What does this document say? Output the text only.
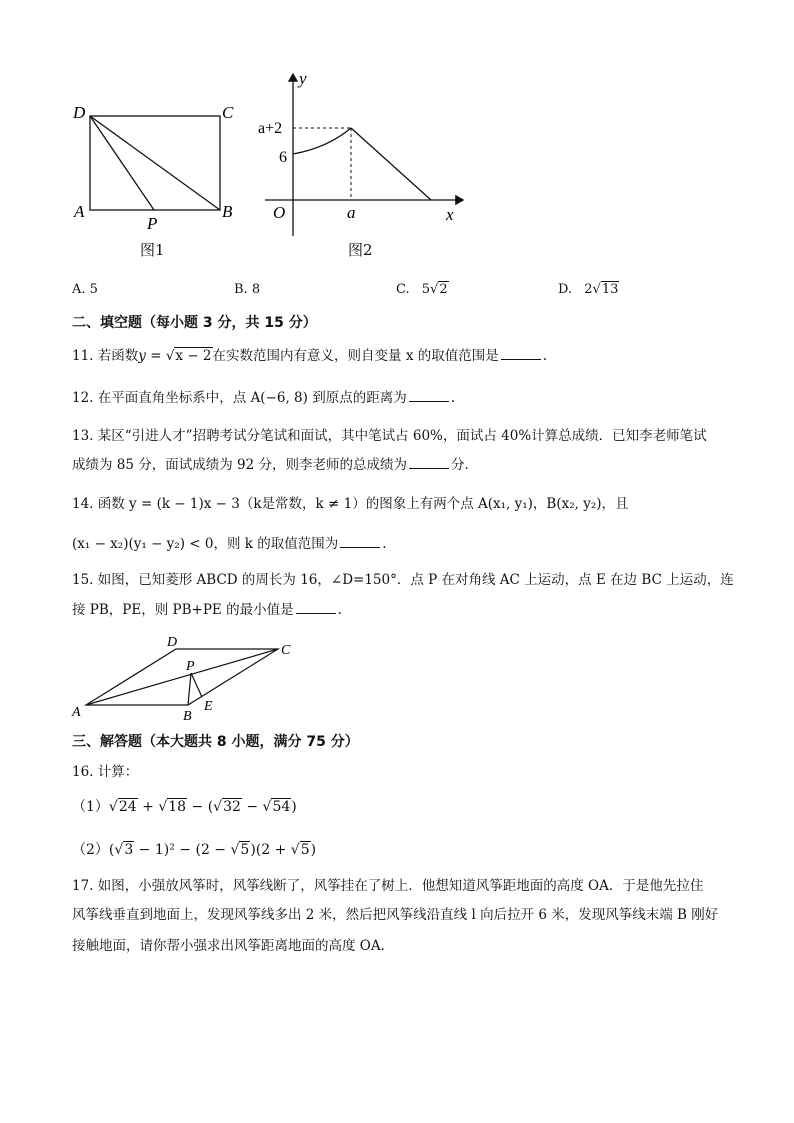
D	C
A	B
P
图1
y
x
O
a+2
6
a
图2
A. 5	B. 8	C. 5√2	D. 2√13
二、填空题（每小题 3 分，共 15 分）
11. 若函数y = √x − 2在实数范围内有意义，则自变量 x 的取值范围是	.
12. 在平面直角坐标系中，点 A(−6, 8) 到原点的距离为	.
13. 某区“引进人才”招聘考试分笔试和面试，其中笔试占 60%，面试占 40%计算总成绩．已知李老师笔试
成绩为 85 分，面试成绩为 92 分，则李老师的总成绩为	分．
14. 函数 y = (k − 1)x − 3（k是常数，k ≠ 1）的图象上有两个点 A(x₁, y₁)，B(x₂, y₂)，且
(x₁ − x₂)(y₁ − y₂) < 0，则 k 的取值范围为	.
15. 如图，已知菱形 ABCD 的周长为 16，∠D=150°．点 P 在对角线 AC 上运动，点 E 在边 BC 上运动，连
接 PB，PE，则 PB+PE 的最小值是	.
A	B
C
D
P
E
三、解答题（本大题共 8 小题，满分 75 分）
16. 计算：
（1）√24 + √18 − (√32 − √54)
（2）(√3 − 1)² − (2 − √5)(2 + √5)
17. 如图，小强放风筝时，风筝线断了，风筝挂在了树上．他想知道风筝距地面的高度 OA．于是他先拉住
风筝线垂直到地面上，发现风筝线多出 2 米，然后把风筝线沿直线 l 向后拉开 6 米，发现风筝线末端 B 刚好
接触地面，请你帮小强求出风筝距离地面的高度 OA．
